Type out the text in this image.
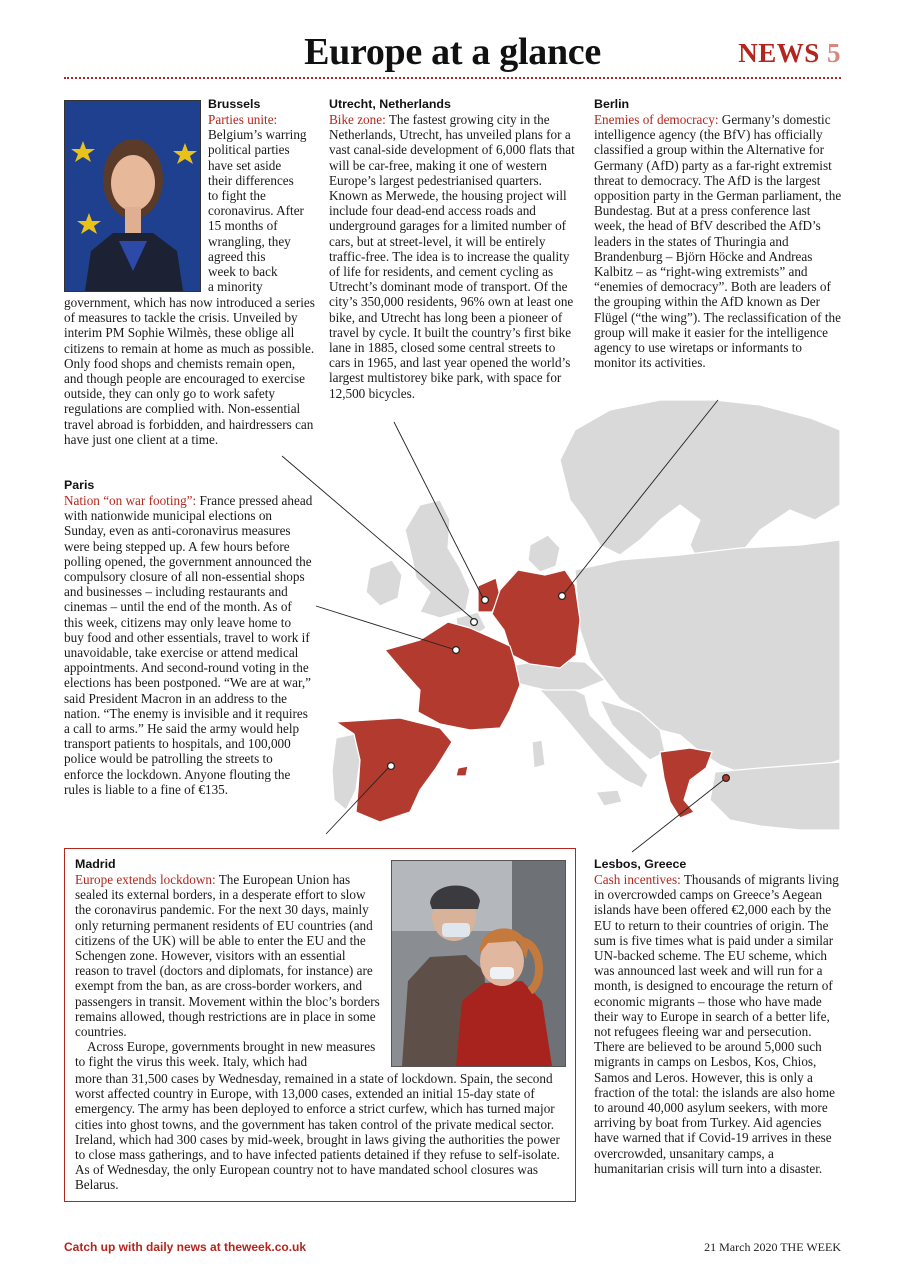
Europe at a glance	NEWS 5
Brussels

Parties unite:

Belgium’s warring
political parties
have set aside
their differences
to fight the
coronavirus. After
15 months of
wrangling, they
agreed this
week to back
a minority

government, which has now introduced a series of measures to tackle the crisis. Unveiled by interim PM Sophie Wilmès, these oblige all citizens to remain at home as much as possible. Only food shops and chemists remain open, and though people are encouraged to exercise outside, they can only go to work safety regulations are complied with. Non-essential travel abroad is forbidden, and hairdressers can have just one client at a time.

Utrecht, Netherlands

Bike zone: The fastest growing city in the Netherlands, Utrecht, has unveiled plans for a vast canal-side development of 6,000 flats that will be car-free, making it one of western Europe’s largest pedestrianised quarters. Known as Merwede, the housing project will include four dead-end access roads and underground garages for a limited number of cars, but at street-level, it will be entirely traffic-free. The idea is to increase the quality of life for residents, and cement cycling as Utrecht’s dominant mode of transport. Of the city’s 350,000 residents, 96% own at least one bike, and Utrecht has long been a pioneer of travel by cycle. It built the country’s first bike lane in 1885, closed some central streets to cars in 1965, and last year opened the world’s largest multistorey bike park, with space for 12,500 bicycles.

Berlin

Enemies of democracy: Germany’s domestic intelligence agency (the BfV) has officially classified a group within the Alternative for Germany (AfD) party as a far-right extremist threat to democracy. The AfD is the largest opposition party in the German parliament, the Bundestag. But at a press conference last week, the head of BfV described the AfD’s leaders in the states of Thuringia and Brandenburg – Björn Höcke and Andreas Kalbitz – as “right-wing extremists” and “enemies of democracy”. Both are leaders of the grouping within the AfD known as Der Flügel (“the wing”). The reclassification of the group will make it easier for the intelligence agency to use wiretaps or informants to monitor its activities.

Paris

Nation “on war footing”: France pressed ahead with nationwide municipal elections on Sunday, even as anti-coronavirus measures were being stepped up. A few hours before polling opened, the government announced the compulsory closure of all non-essential shops and businesses – including restaurants and cinemas – until the end of the month. As of this week, citizens may only leave home to buy food and other essentials, travel to work if unavoidable, take exercise or attend medical appointments. And second-round voting in the elections has been postponed. “We are at war,” said President Macron in an address to the nation. “The enemy is invisible and it requires a call to arms.” He said the army would help transport patients to hospitals, and 100,000 police would be patrolling the streets to enforce the lockdown. Anyone flouting the rules is liable to a fine of €135.

Madrid

Europe extends lockdown: The European Union has sealed its external borders, in a desperate effort to slow the coronavirus pandemic. For the next 30 days, mainly only returning permanent residents of EU countries (and citizens of the UK) will be able to enter the EU and the Schengen zone. However, visitors with an essential reason to travel (doctors and diplomats, for instance) are exempt from the ban, as are cross-border workers, and passengers in transit. Movement within the bloc’s borders remains allowed, though restrictions are in place in some countries.

Across Europe, governments brought in new measures to fight the virus this week. Italy, which had

more than 31,500 cases by Wednesday, remained in a state of lockdown. Spain, the second worst affected country in Europe, with 13,000 cases, extended an initial 15-day state of emergency. The army has been deployed to enforce a strict curfew, which has turned major cities into ghost towns, and the government has taken control of the private medical sector. Ireland, which had 300 cases by mid-week, brought in laws giving the authorities the power to close mass gatherings, and to have infected patients detained if they refuse to self-isolate. As of Wednesday, the only European country not to have mandated school closures was Belarus.

Lesbos, Greece

Cash incentives: Thousands of migrants living in overcrowded camps on Greece’s Aegean islands have been offered €2,000 each by the EU to return to their countries of origin. The sum is five times what is paid under a similar UN-backed scheme. The EU scheme, which was announced last week and will run for a month, is designed to encourage the return of economic migrants – those who have made their way to Europe in search of a better life, not refugees fleeing war and persecution. There are believed to be around 5,000 such migrants in camps on Lesbos, Kos, Chios, Samos and Leros. However, this is only a fraction of the total: the islands are also home to around 40,000 asylum seekers, with more arriving by boat from Turkey. Aid agencies have warned that if Covid-19 arrives in these overcrowded, unsanitary camps, a humanitarian crisis will turn into a disaster.

Catch up with daily news at theweek.co.uk	21 March 2020 THE WEEK
